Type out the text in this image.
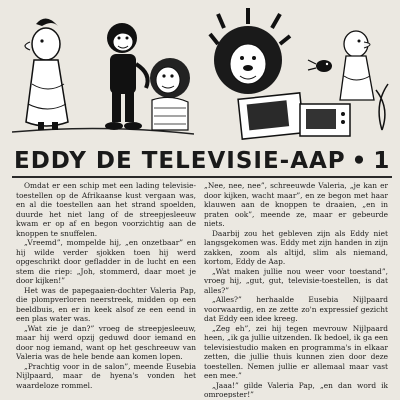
EDDY DE TELEVISIE-AAP • 1

Omdat er een schip met een lading televisie-toestellen op de Afrikaanse kust vergaan was, en al die toestellen aan het strand spoelden, duurde het niet lang of de streepjesleeuw kwam er op af en begon voorzichtig aan de knoppen te snuffelen.

„Vreemd”, mompelde hij, „en onzetbaar” en hij wilde verder sjokken toen hij werd opgeschrikt door gefladder in de lucht en een stem die riep: „Joh, stommerd, daar moet je door kijken!”

Het was de papegaaien-dochter Valeria Pap, die plompverloren neerstreek, midden op een beeldbuis, en er in keek alsof ze een eend in een plas water was.

„Wat zie je dan?” vroeg de streepjesleeuw, maar hij werd opzij geduwd door iemand en door nog iemand, want op het geschreeuw van Valeria was de hele bende aan komen lopen.

„Prachtig voor in de salon”, meende Eusebia Nijlpaard, maar de hyena's vonden het waardeloze rommel.

„Nee, nee, nee”, schreeuwde Valeria, „je kan er door kijken, wacht maar”, en ze begon met haar klauwen aan de knoppen te draaien, „en in praten ook”, meende ze, maar er gebeurde niets.

Daarbij zou het gebleven zijn als Eddy niet langsgekomen was. Eddy met zijn handen in zijn zakken, zoom als altijd, slim als niemand, kortom, Eddy de Aap.

„Wat maken jullie nou weer voor toestand”, vroeg hij, „gut, gut, televisie-toestellen, is dat alles?”

„Alles?” herhaalde Eusebia Nijlpaard voorwaardig, en ze zette zo'n expressief gezicht dat Eddy een idee kreeg.

„Zeg eh”, zei hij tegen mevrouw Nijlpaard heen, „ik ga jullie uitzenden. Ik bedoel, ik ga een televisiestudio maken en programma's in elkaar zetten, die jullie thuis kunnen zien door deze toestellen. Nemen jullie er allemaal maar vast een mee.”

„Jaaa!” gilde Valeria Pap, „en dan word ik omroepster!”
